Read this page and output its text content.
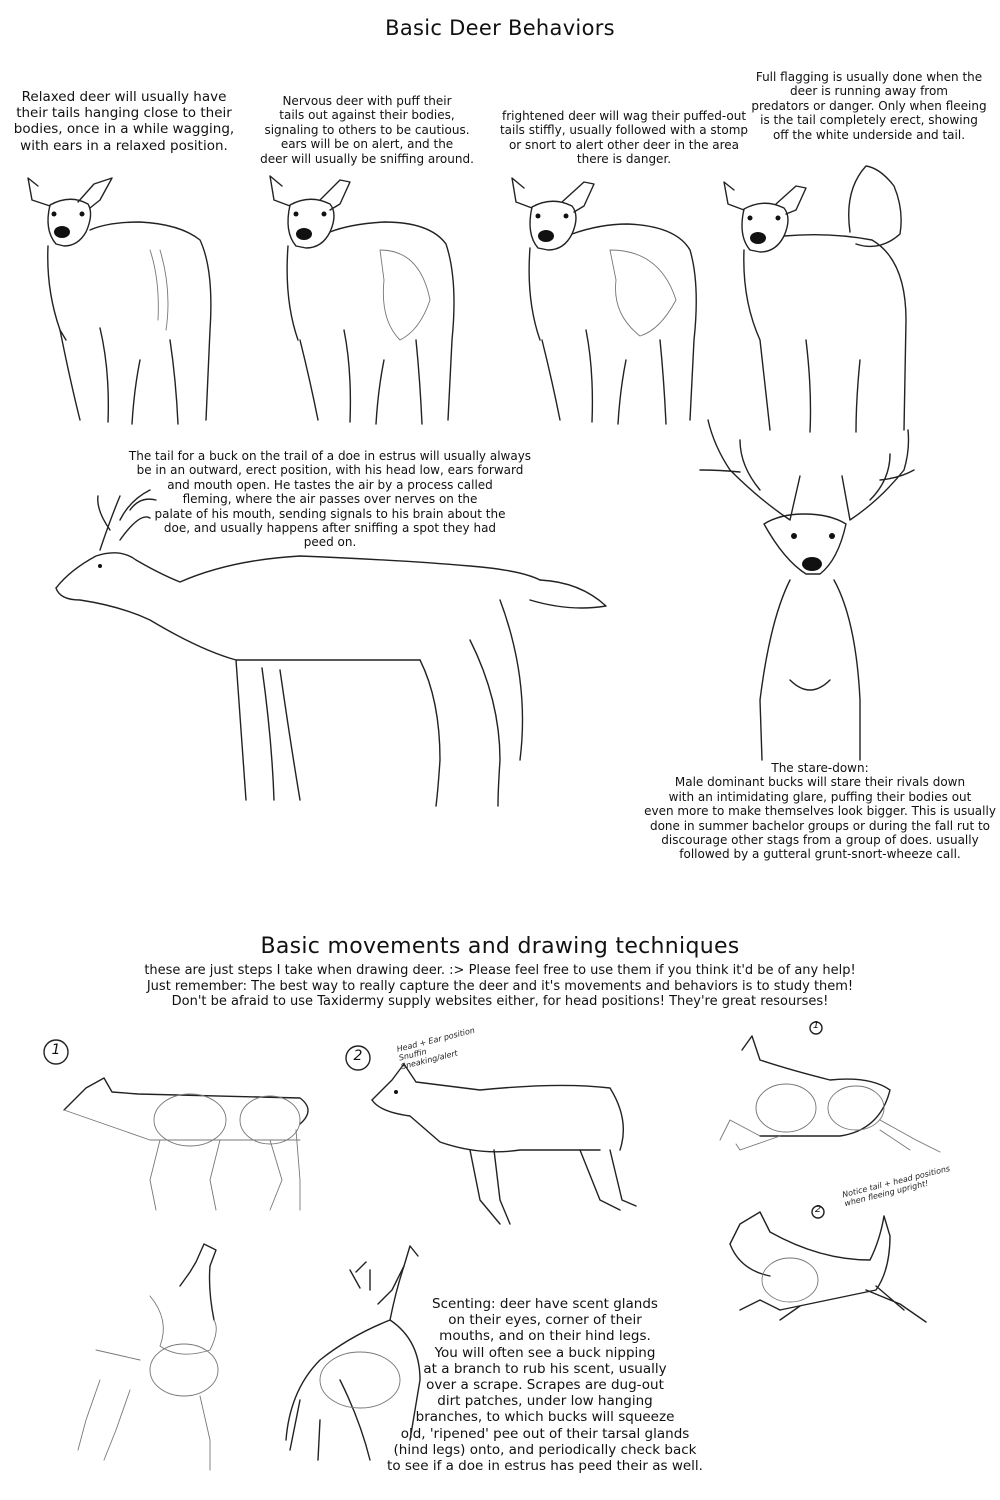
Basic Deer Behaviors
Relaxed deer will usually have
their tails hanging close to their
bodies, once in a while wagging,
with ears in a relaxed position.
Nervous deer with puff their
tails out against their bodies,
signaling to others to be cautious.
ears will be on alert, and the
deer will usually be sniffing around.
frightened deer will wag their puffed-out
tails stiffly, usually followed with a stomp
or snort to alert other deer in the area
there is danger.
Full flagging is usually done when the
deer is running away from
predators or danger. Only when fleeing
is the tail completely erect, showing
off the white underside and tail.
The tail for a buck on the trail of a doe in estrus will usually always
be in an outward, erect position, with his head low, ears forward
and mouth open. He tastes the air by a process called
fleming, where the air passes over nerves on the
palate of his mouth, sending signals to his brain about the
doe, and usually happens after sniffing a spot they had
peed on.
The stare-down:
Male dominant bucks will stare their rivals down
with an intimidating glare, puffing their bodies out
even more to make themselves look bigger. This is usually
done in summer bachelor groups or during the fall rut to
discourage other stags from a group of does. usually
followed by a gutteral grunt-snort-wheeze call.
Basic movements and drawing techniques
these are just steps I take when drawing deer. :> Please feel free to use them if you think it'd be of any help!
Just remember: The best way to really capture the deer and it's movements and behaviors is to study them!
Don't be afraid to use Taxidermy supply websites either, for head positions! They're great resourses!
Scenting: deer have scent glands
on their eyes, corner of their
mouths, and on their hind legs.
You will often see a buck nipping
at a branch to rub his scent, usually
over a scrape. Scrapes are dug-out
dirt patches, under low hanging
branches, to which bucks will squeeze
old, 'ripened' pee out of their tarsal glands
(hind legs) onto, and periodically check back
to see if a doe in estrus has peed their as well.
Head + Ear position
Snuffin
Sneaking/alert
Notice tail + head positions
when fleeing upright!
1	2
1
2
